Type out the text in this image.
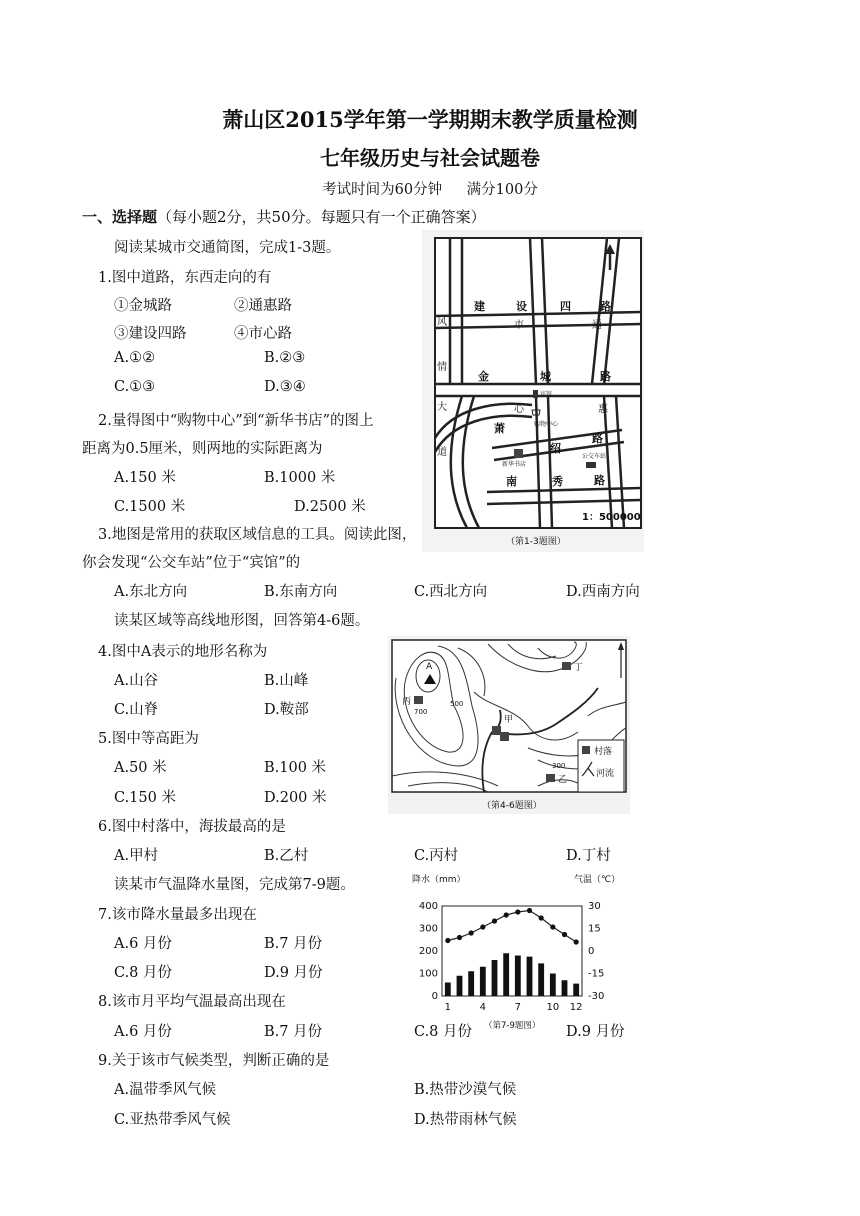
萧山区2015学年第一学期期末教学质量检测
七年级历史与社会试题卷
考试时间为60分钟 满分100分
一、选择题（每小题2分，共50分。每题只有一个正确答案）
阅读某城市交通简图，完成1-3题。
1.图中道路，东西走向的有
①金城路	②通惠路
③建设四路	④市心路
A.①②	B.②③
C.①③	D.③④
2.量得图中“购物中心”到“新华书店”的图上
距离为0.5厘米，则两地的实际距离为
A.150 米	B.1000 米
C.1500 米	D.2500 米
3.地图是常用的获取区域信息的工具。阅读此图，
你会发现“公交车站”位于“宾馆”的
A.东北方向	B.东南方向	C.西北方向	D.西南方向
建	设	四	路
金	城	路
萧
绍
路
南	秀	路
风
情
大
道
市
心
通
惠
宾馆
购物中心
新华书店
公交车站
1：500000
（第1-3题图）
读某区域等高线地形图，回答第4-6题。
4.图中A表示的地形名称为
A.山谷	B.山峰
C.山脊	D.鞍部
5.图中等高距为
A.50 米	B.100 米
C.150 米	D.200 米
6.图中村落中，海拔最高的是
A.甲村	B.乙村	C.丙村	D.丁村
A
丙
甲
乙
丁
村落
河流
700
500
300
（第4-6题图）
读某市气温降水量图，完成第7-9题。
7.该市降水量最多出现在
A.6 月份	B.7 月份
C.8 月份	D.9 月份
8.该市月平均气温最高出现在
A.6 月份	B.7 月份	C.8 月份	D.9 月份
9.关于该市气候类型，判断正确的是
A.温带季风气候	B.热带沙漠气候
C.亚热带季风气候	D.热带雨林气候
降水（mm）	气温（℃）
（第7-9题图）
0
100
200
300
400
-30
-15
0
15
30
1	4	7	10 12
